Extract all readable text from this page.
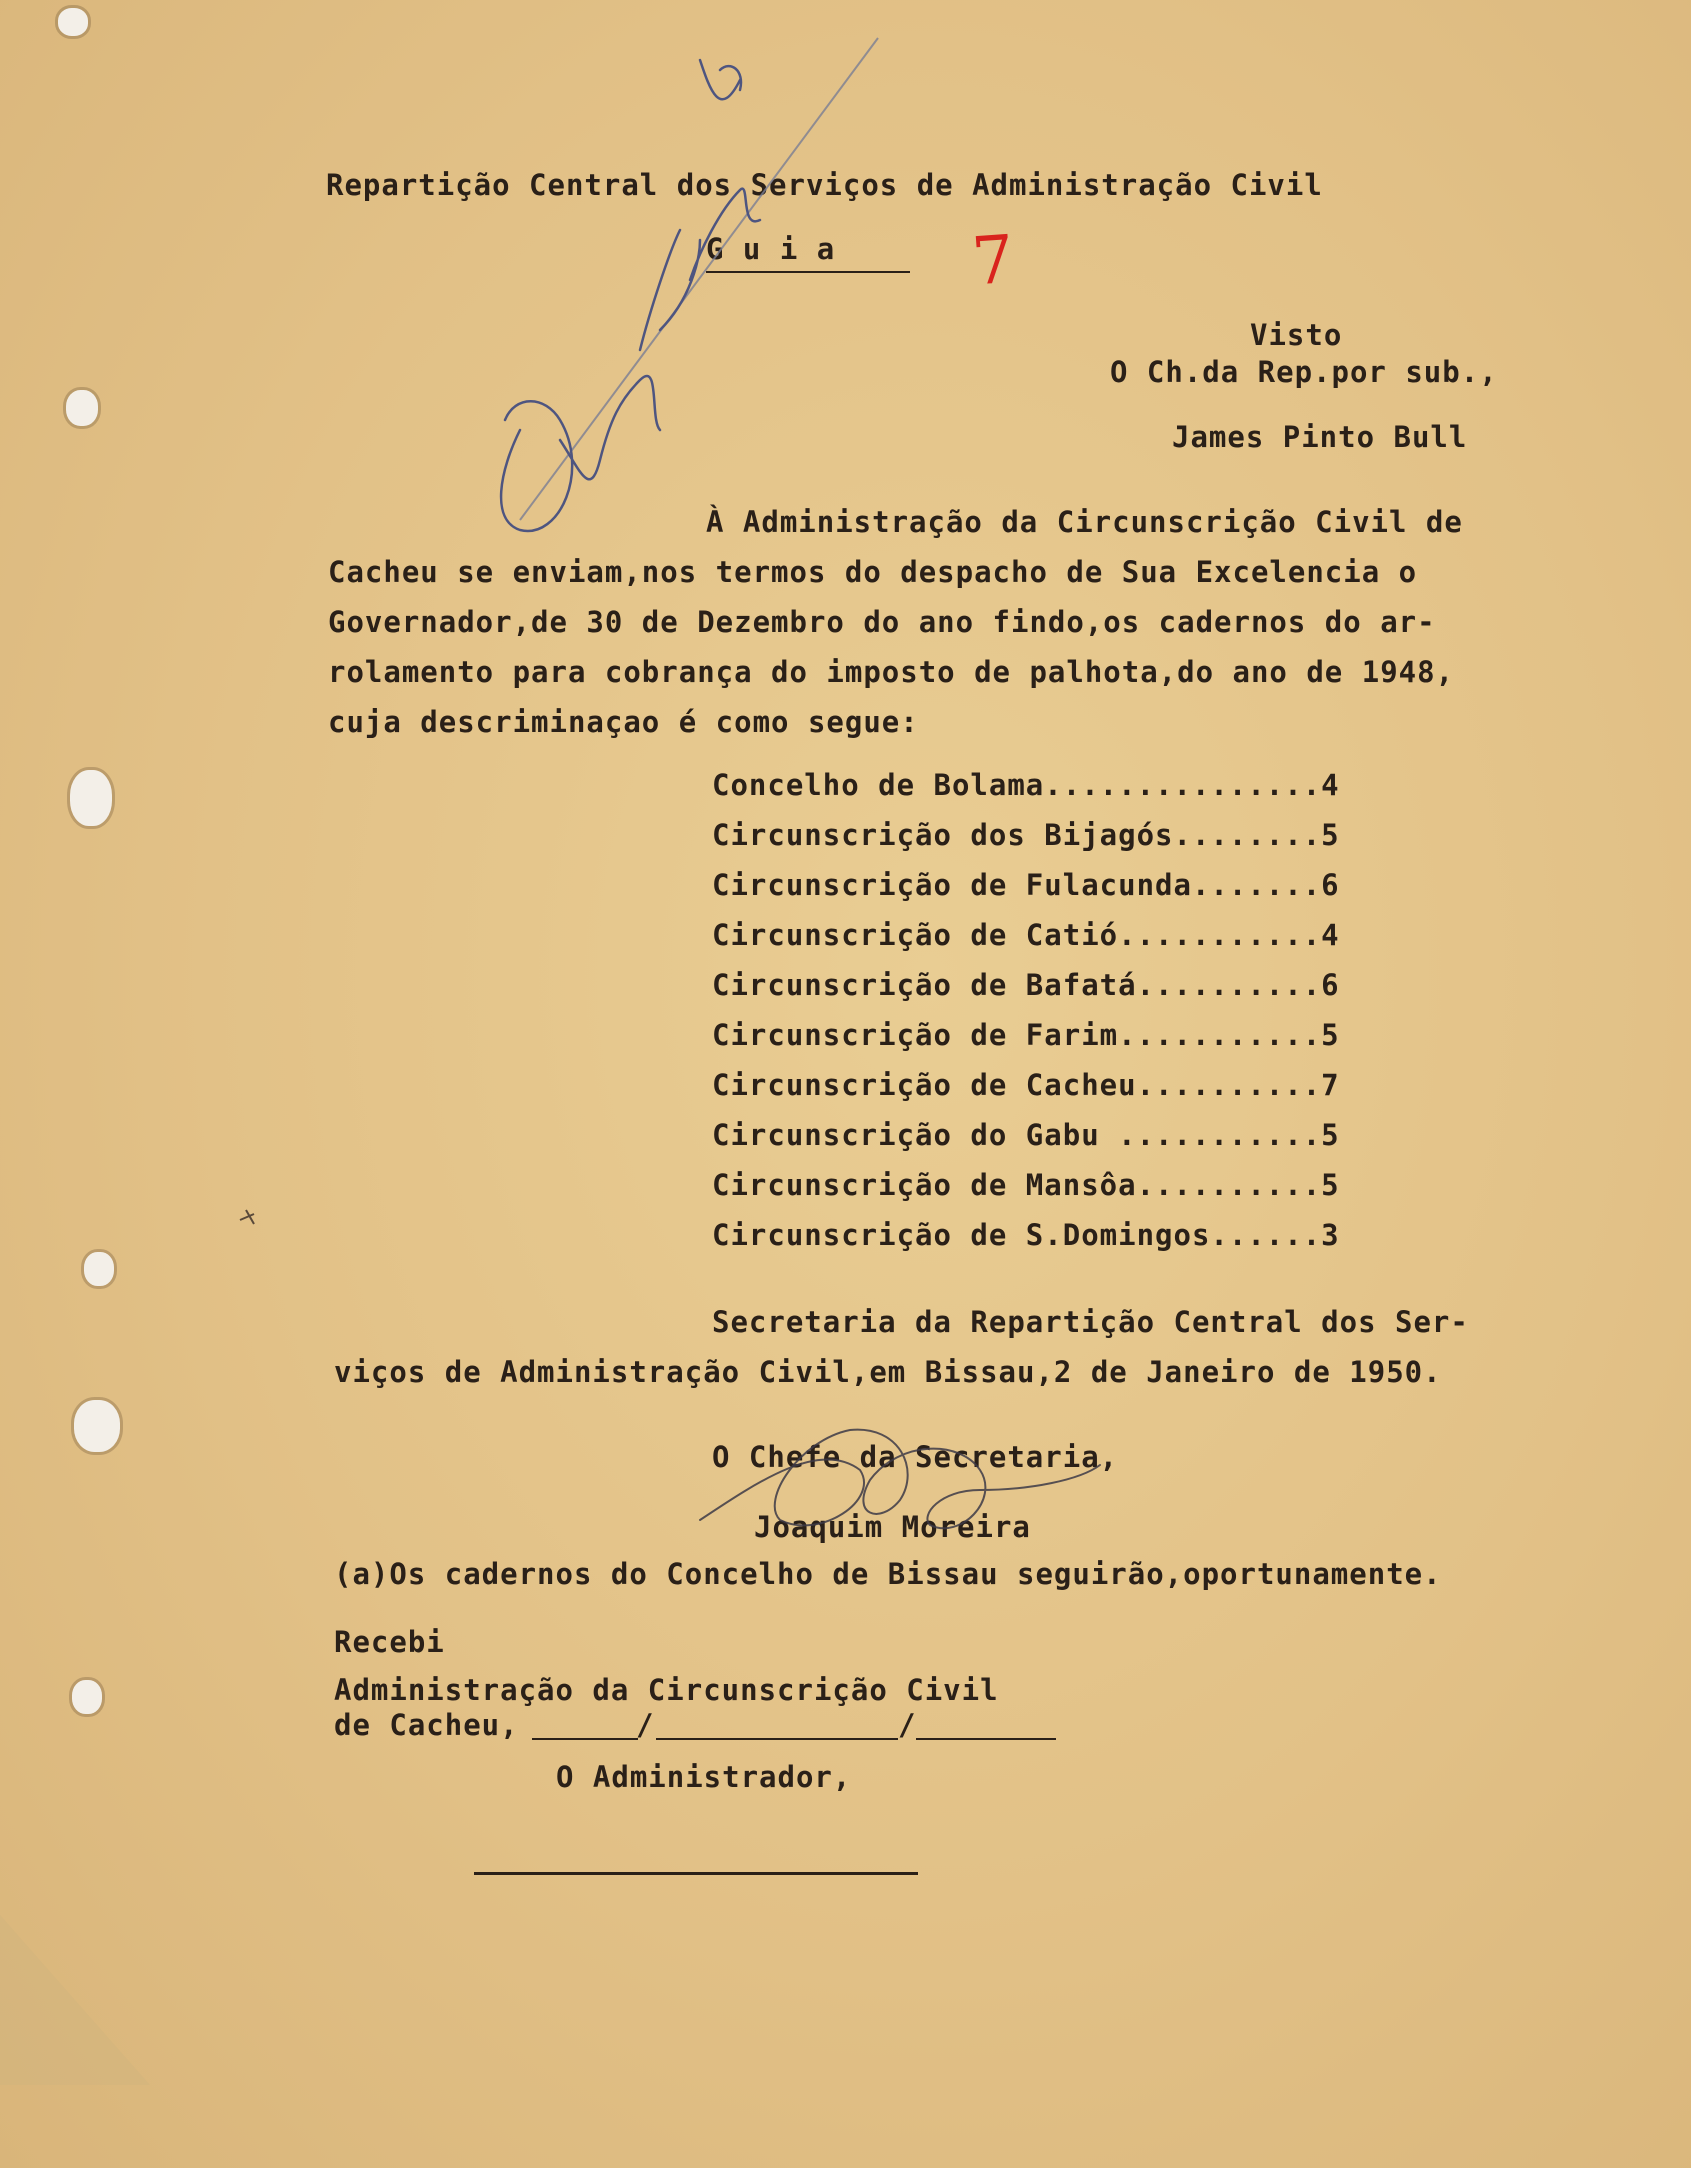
Repartição Central dos Serviços de Administração Civil
G u i a 7
Visto
O Ch.da Rep.por sub.,
James Pinto Bull
À Administração da Circunscrição Civil de
Cacheu se enviam,nos termos do despacho de Sua Excelencia o
Governador,de 30 de Dezembro do ano findo,os cadernos do ar-
rolamento para cobrança do imposto de palhota,do ano de 1948,
cuja descriminaçao é como segue:
Concelho de Bolama...............4
Circunscrição dos Bijagós........5
Circunscrição de Fulacunda.......6
Circunscrição de Catió...........4
Circunscrição de Bafatá..........6
Circunscrição de Farim...........5
Circunscrição de Cacheu..........7
Circunscrição do Gabu ...........5
Circunscrição de Mansôa..........5
Circunscrição de S.Domingos......3
Secretaria da Repartição Central dos Ser-
viços de Administração Civil,em Bissau,2 de Janeiro de 1950.
O Chefe da Secretaria,
Joaquim Moreira
(a)Os cadernos do Concelho de Bissau seguirão,oportunamente.
Recebi
Administração da Circunscrição Civil
de Cacheu,	/	/
O Administrador,
